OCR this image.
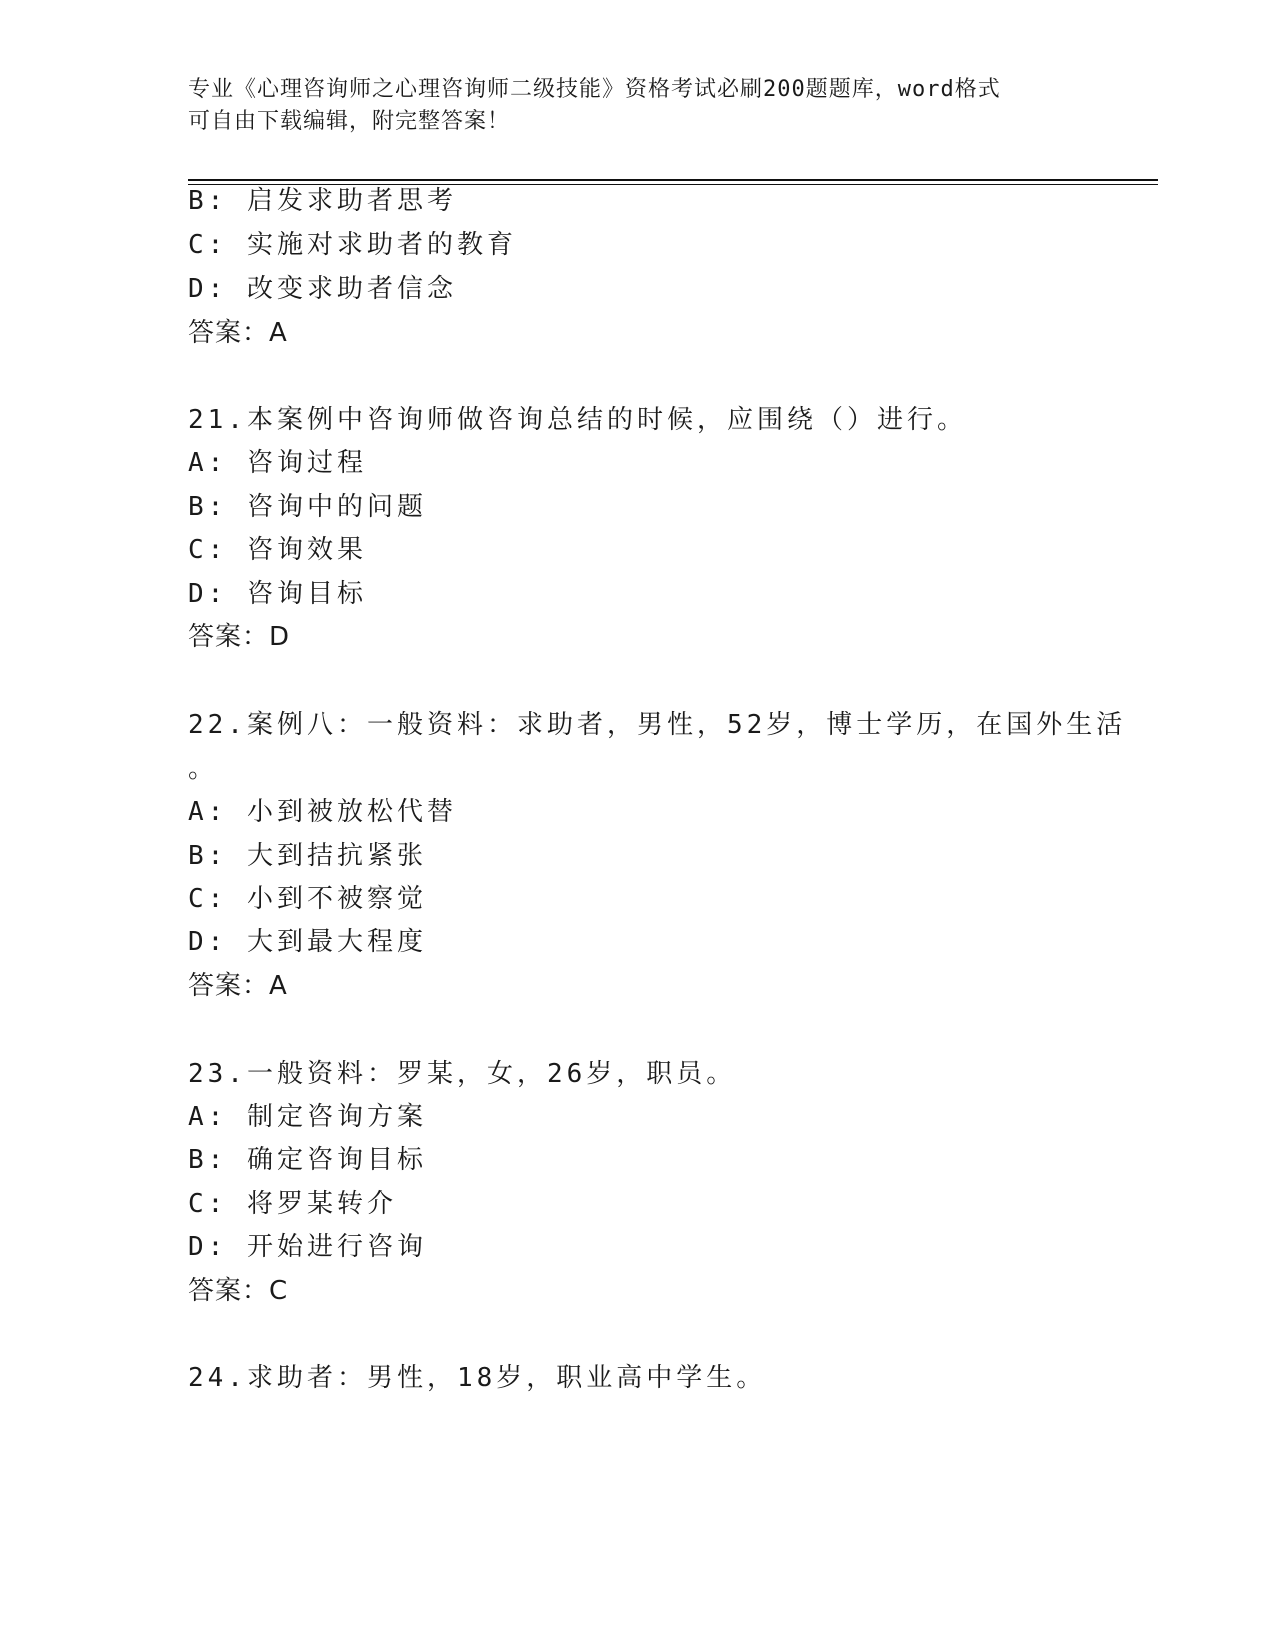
专业《心理咨询师之心理咨询师二级技能》资格考试必刷200题题库，word格式
可自由下载编辑，附完整答案！
B: 启发求助者思考
C: 实施对求助者的教育
D: 改变求助者信念
答案：A
21.本案例中咨询师做咨询总结的时候，应围绕（）进行。
A: 咨询过程
B: 咨询中的问题
C: 咨询效果
D: 咨询目标
答案：D
22.案例八：一般资料：求助者，男性，52岁，博士学历，在国外生活
。
A: 小到被放松代替
B: 大到拮抗紧张
C: 小到不被察觉
D: 大到最大程度
答案：A
23.一般资料：罗某，女，26岁，职员。
A: 制定咨询方案
B: 确定咨询目标
C: 将罗某转介
D: 开始进行咨询
答案：C
24.求助者：男性，18岁，职业高中学生。
